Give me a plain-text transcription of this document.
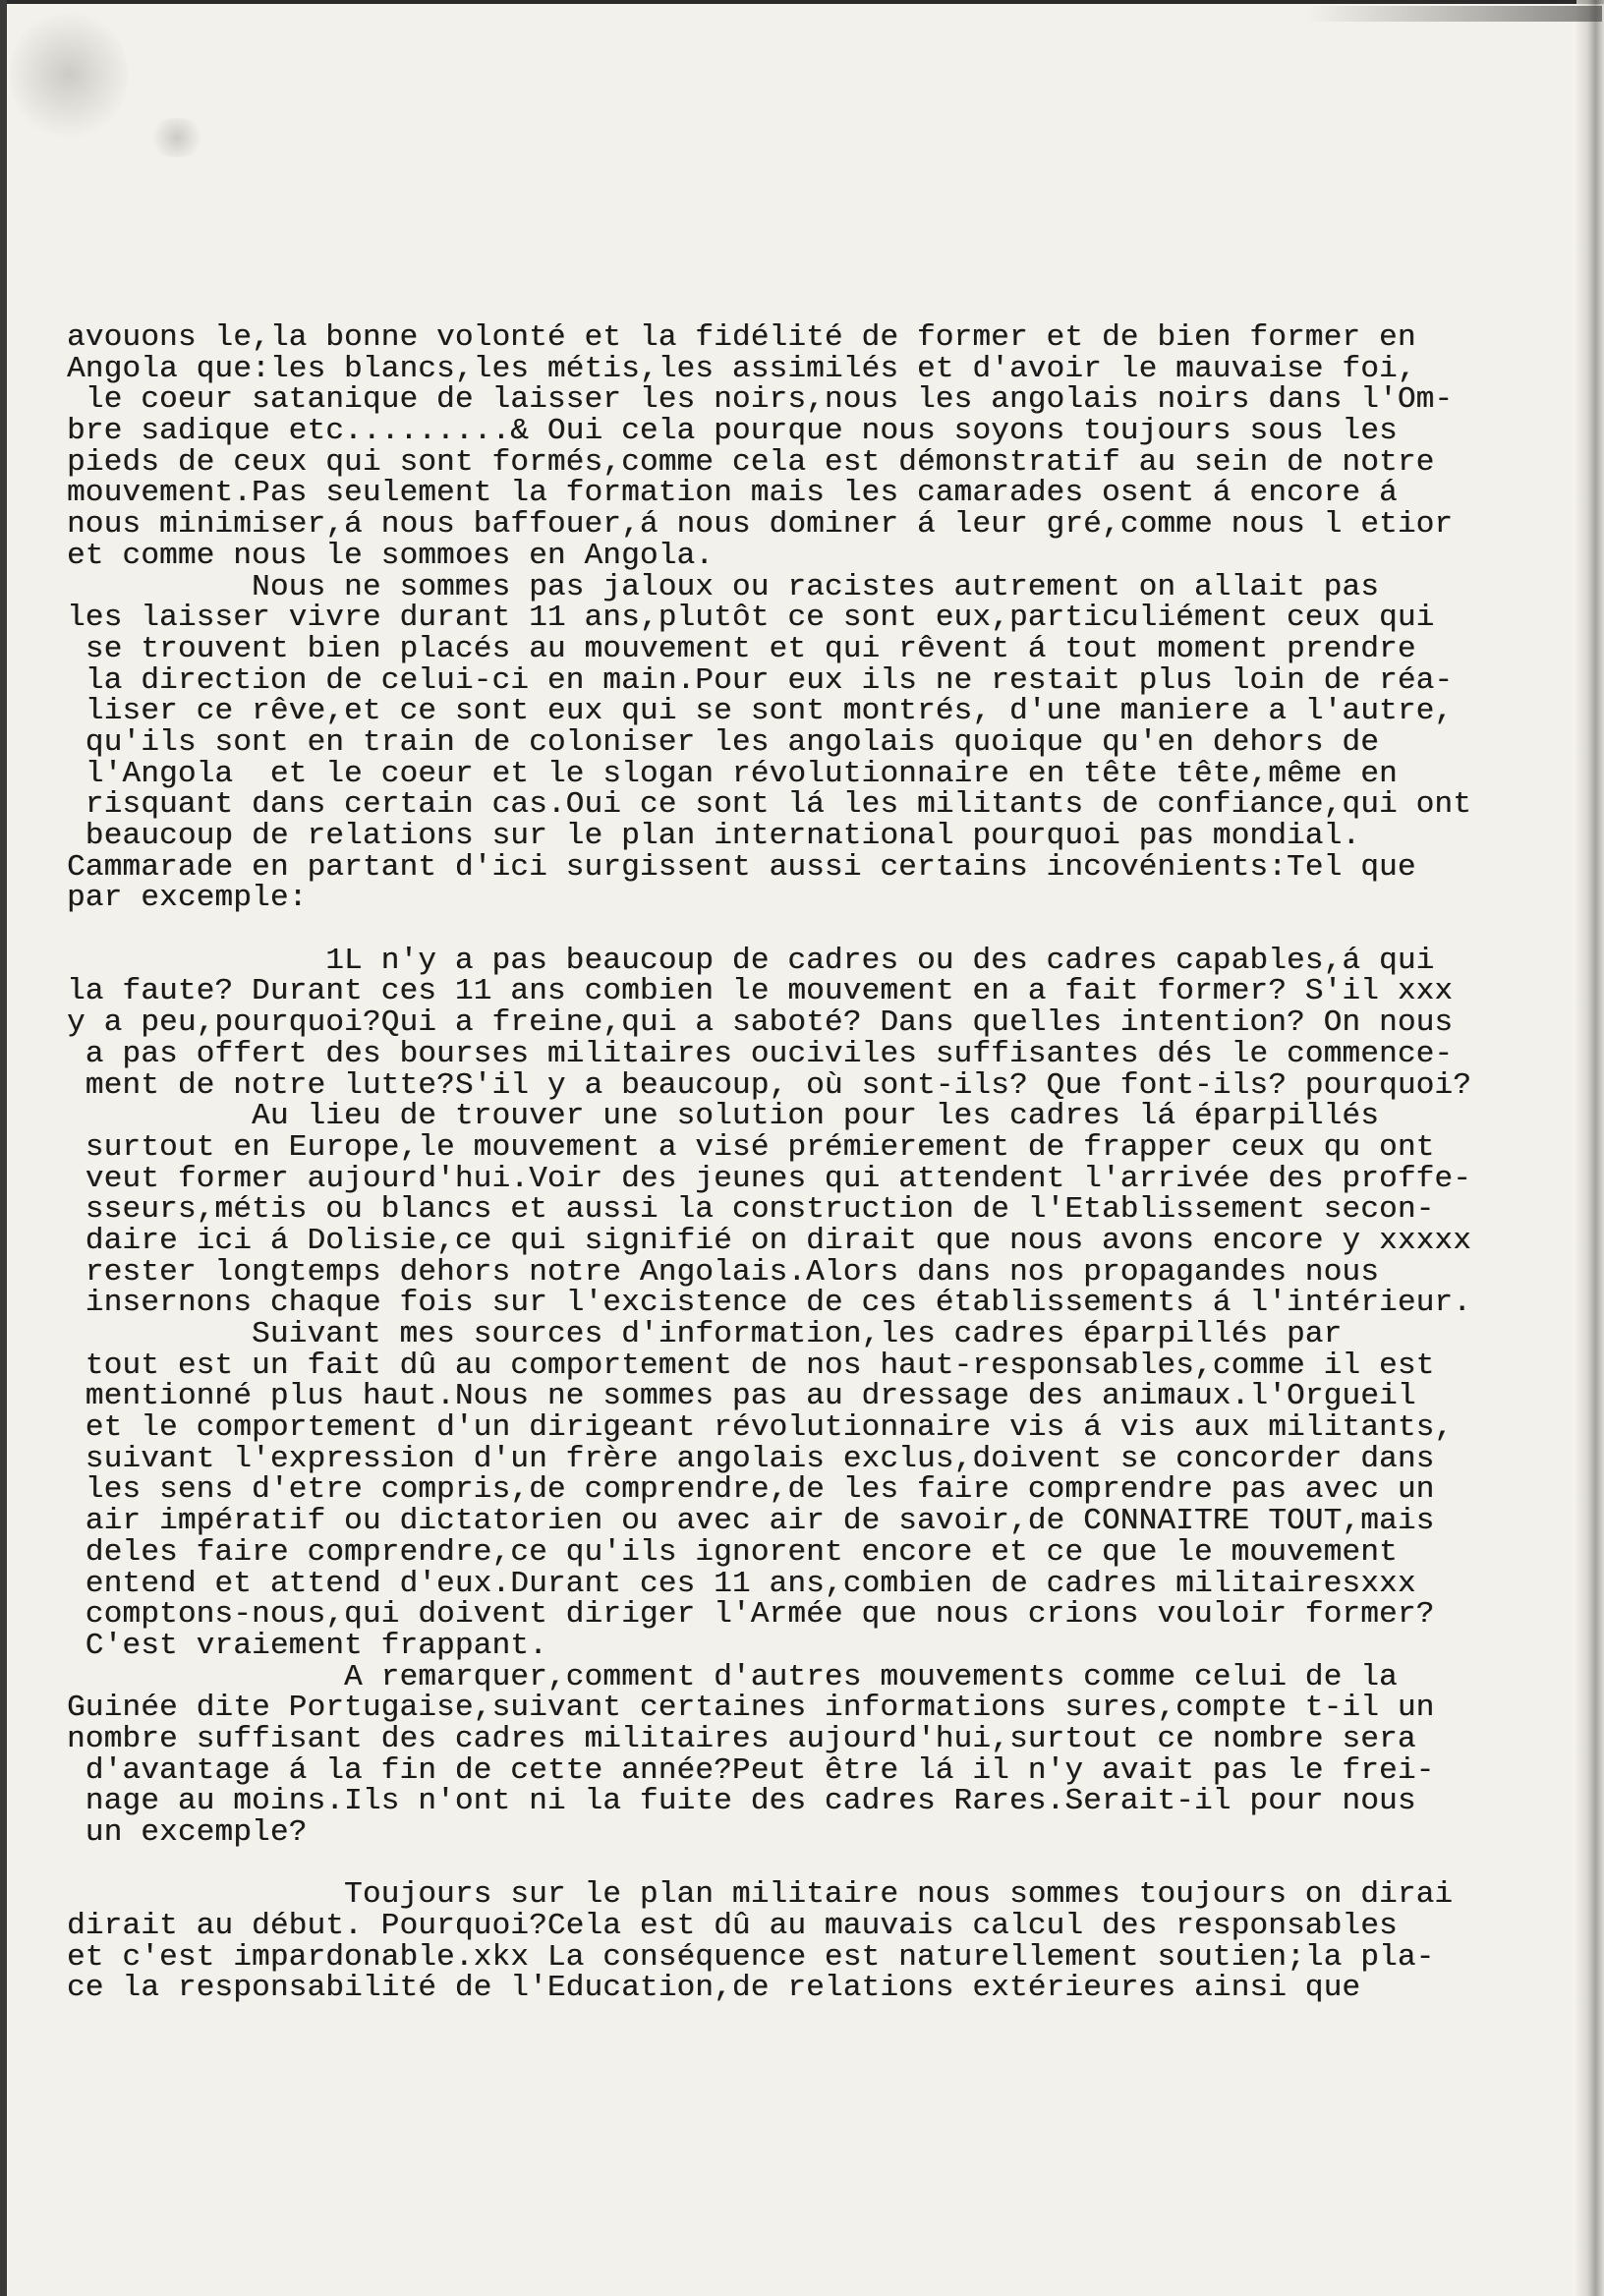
avouons le,la bonne volonté et la fidélité de former et de bien former en
Angola que:les blancs,les métis,les assimilés et d'avoir le mauvaise foi,
le coeur satanique de laisser les noirs,nous les angolais noirs dans l'Om-
bre sadique etc.........& Oui cela pourque nous soyons toujours sous les
pieds de ceux qui sont formés,comme cela est démonstratif au sein de notre
mouvement.Pas seulement la formation mais les camarades osent á encore á
nous minimiser,á nous baffouer,á nous dominer á leur gré,comme nous l etior
et comme nous le sommoes en Angola.
Nous ne sommes pas jaloux ou racistes autrement on allait pas
les laisser vivre durant 11 ans,plutôt ce sont eux,particuliément ceux qui
se trouvent bien placés au mouvement et qui rêvent á tout moment prendre
la direction de celui-ci en main.Pour eux ils ne restait plus loin de réa-
liser ce rêve,et ce sont eux qui se sont montrés, d'une maniere a l'autre,
qu'ils sont en train de coloniser les angolais quoique qu'en dehors de
l'Angola  et le coeur et le slogan révolutionnaire en tête tête,même en
risquant dans certain cas.Oui ce sont lá les militants de confiance,qui ont
beaucoup de relations sur le plan international pourquoi pas mondial.
Cammarade en partant d'ici surgissent aussi certains incovénients:Tel que
par excemple:
1L n'y a pas beaucoup de cadres ou des cadres capables,á qui
la faute? Durant ces 11 ans combien le mouvement en a fait former? S'il xxx
y a peu,pourquoi?Qui a freine,qui a saboté? Dans quelles intention? On nous
a pas offert des bourses militaires ouciviles suffisantes dés le commence-
ment de notre lutte?S'il y a beaucoup, où sont-ils? Que font-ils? pourquoi?
Au lieu de trouver une solution pour les cadres lá éparpillés
surtout en Europe,le mouvement a visé prémierement de frapper ceux qu ont
veut former aujourd'hui.Voir des jeunes qui attendent l'arrivée des proffe-
sseurs,métis ou blancs et aussi la construction de l'Etablissement secon-
daire ici á Dolisie,ce qui signifié on dirait que nous avons encore y xxxxx
rester longtemps dehors notre Angolais.Alors dans nos propagandes nous
insernons chaque fois sur l'excistence de ces établissements á l'intérieur.
Suivant mes sources d'information,les cadres éparpillés par
tout est un fait dû au comportement de nos haut-responsables,comme il est
mentionné plus haut.Nous ne sommes pas au dressage des animaux.l'Orgueil
et le comportement d'un dirigeant révolutionnaire vis á vis aux militants,
suivant l'expression d'un frère angolais exclus,doivent se concorder dans
les sens d'etre compris,de comprendre,de les faire comprendre pas avec un
air impératif ou dictatorien ou avec air de savoir,de CONNAITRE TOUT,mais
deles faire comprendre,ce qu'ils ignorent encore et ce que le mouvement
entend et attend d'eux.Durant ces 11 ans,combien de cadres militairesxxx
comptons-nous,qui doivent diriger l'Armée que nous crions vouloir former?
C'est vraiement frappant.
A remarquer,comment d'autres mouvements comme celui de la
Guinée dite Portugaise,suivant certaines informations sures,compte t-il un
nombre suffisant des cadres militaires aujourd'hui,surtout ce nombre sera
d'avantage á la fin de cette année?Peut être lá il n'y avait pas le frei-
nage au moins.Ils n'ont ni la fuite des cadres Rares.Serait-il pour nous
un excemple?
Toujours sur le plan militaire nous sommes toujours on dirai
dirait au début. Pourquoi?Cela est dû au mauvais calcul des responsables
et c'est impardonable.xkx La conséquence est naturellement soutien;la pla-
ce la responsabilité de l'Education,de relations extérieures ainsi que
